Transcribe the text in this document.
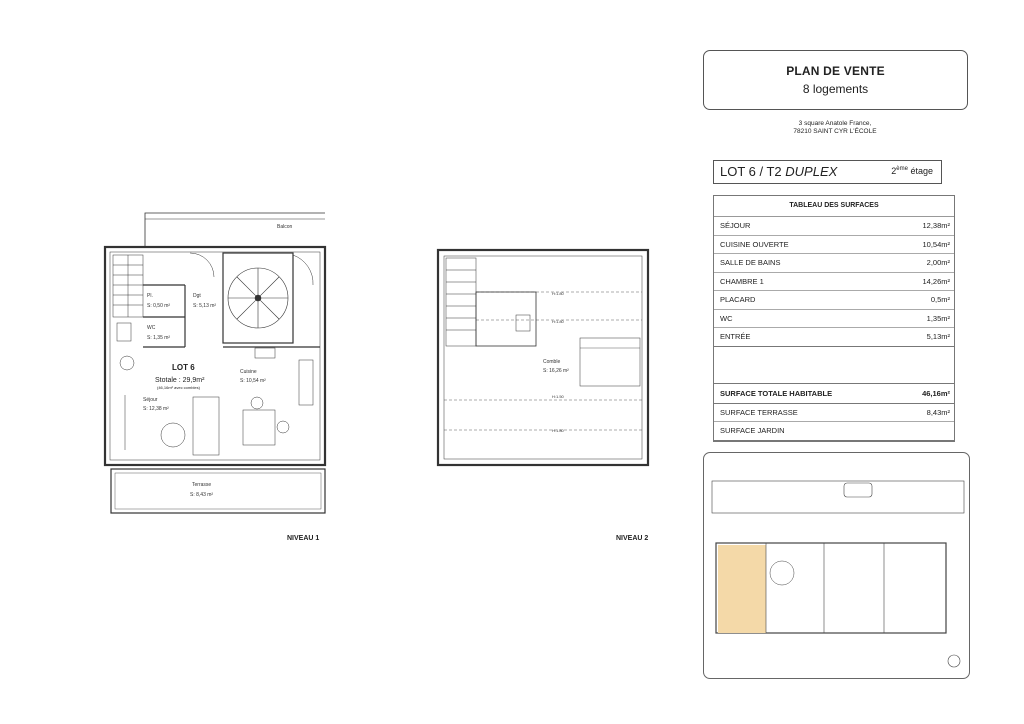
PLAN DE VENTE
8 logements
3 square Anatole France,
78210 SAINT CYR L'ÉCOLE
LOT 6 / T2 DUPLEX	2ème étage
TABLEAU DES SURFACES
SÉJOUR	12,38m²
CUISINE OUVERTE	10,54m²
SALLE DE BAINS	2,00m²
CHAMBRE 1	14,26m²
PLACARD	0,5m²
WC	1,35m²
ENTRÉE	5,13m²
SURFACE TOTALE HABITABLE	46,16m²
SURFACE TERRASSE	8,43m²
SURFACE JARDIN
Balcon
Pl.
S: 0,50 m²
WC
S: 1,35 m²
Dgt
S: 5,13 m²
LOT 6
Stotale : 29,9m²
(46,16m² avec combles)
Cuisine
S: 10,54 m²
Séjour
S: 12,38 m²
Terrasse
S: 8,43 m²
NIVEAU 1
H:1.80
H:1.80
H:1.50
H:1.80
Comble
S: 16,26 m²
NIVEAU 2
